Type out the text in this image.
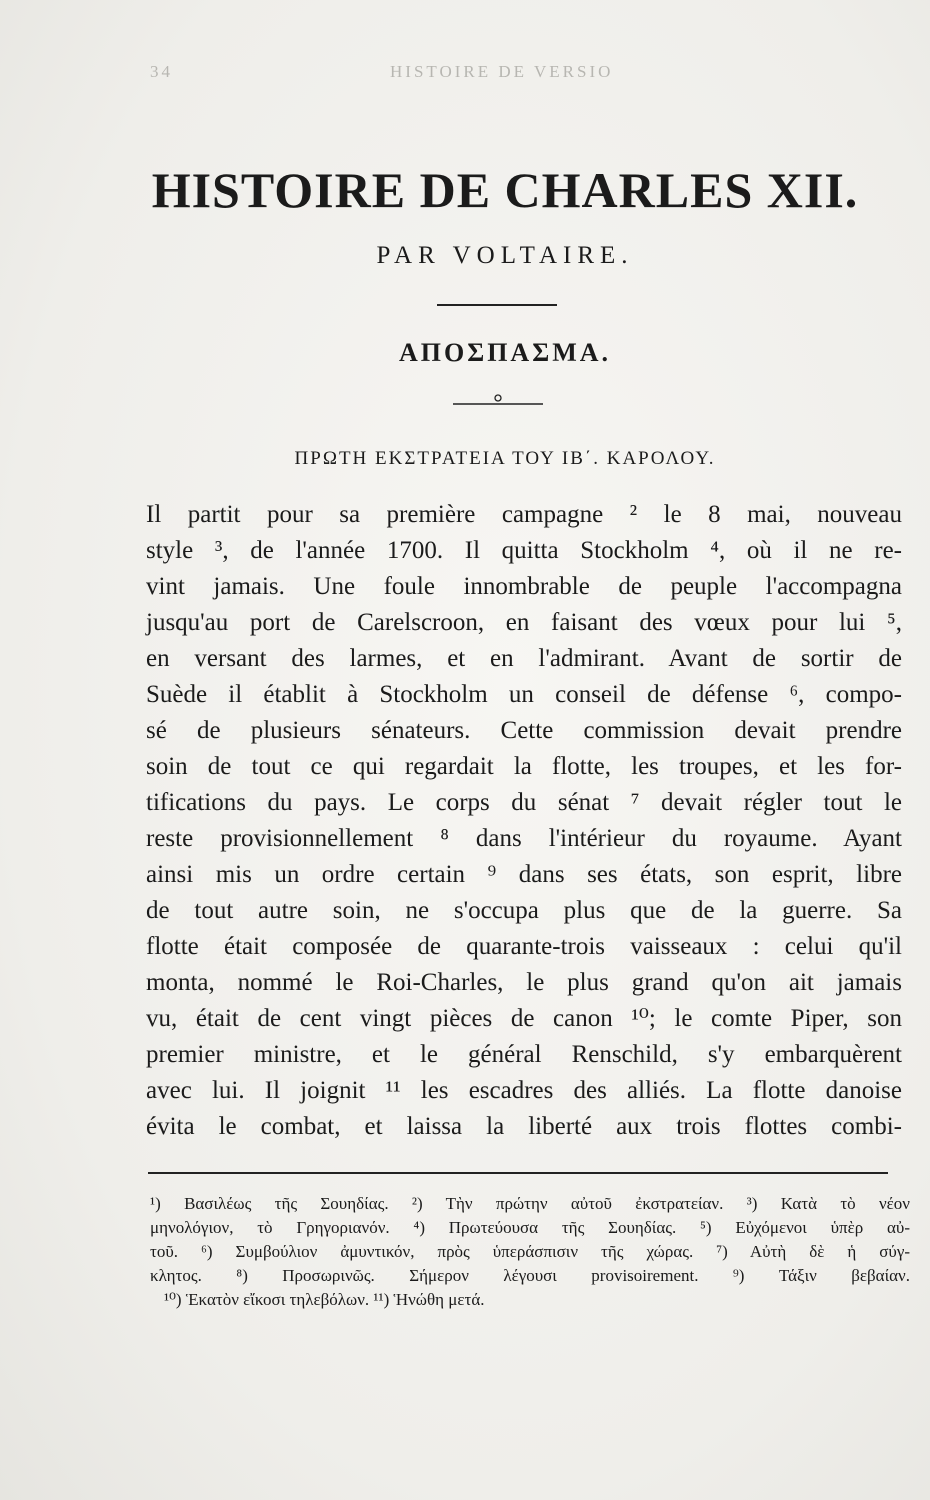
34	HISTOIRE DE VERSIO
HISTOIRE DE CHARLES XII.
PAR VOLTAIRE.
ΑΠΟΣΠΑΣΜΑ.
ΠΡΩΤΗ ΕΚΣΤΡΑΤΕΙΑ ΤΟΥ ΙΒ΄. ΚΑΡΟΛΟΥ.
Il partit pour sa première campagne ² le 8 mai, nouveau
style ³, de l'année 1700. Il quitta Stockholm ⁴, où il ne re-
vint jamais. Une foule innombrable de peuple l'accompagna
jusqu'au port de Carelscroon, en faisant des vœux pour lui ⁵,
en versant des larmes, et en l'admirant. Avant de sortir de
Suède il établit à Stockholm un conseil de défense ⁶, compo-
sé de plusieurs sénateurs. Cette commission devait prendre
soin de tout ce qui regardait la flotte, les troupes, et les for-
tifications du pays. Le corps du sénat ⁷ devait régler tout le
reste provisionnellement ⁸ dans l'intérieur du royaume. Ayant
ainsi mis un ordre certain ⁹ dans ses états, son esprit, libre
de tout autre soin, ne s'occupa plus que de la guerre. Sa
flotte était composée de quarante-trois vaisseaux : celui qu'il
monta, nommé le Roi-Charles, le plus grand qu'on ait jamais
vu, était de cent vingt pièces de canon ¹⁰; le comte Piper, son
premier ministre, et le général Renschild, s'y embarquèrent
avec lui. Il joignit ¹¹ les escadres des alliés. La flotte danoise
évita le combat, et laissa la liberté aux trois flottes combi-
¹) Βασιλέως τῆς Σουηδίας. ²) Τὴν πρώτην αὐτοῦ ἐκστρατείαν. ³) Κατὰ τὸ νέον
μηνολόγιον, τὸ Γρηγοριανόν. ⁴) Πρωτεύουσα τῆς Σουηδίας. ⁵) Εὐχόμενοι ὑπὲρ αὐ-
τοῦ. ⁶) Συμβούλιον ἀμυντικόν, πρὸς ὑπεράσπισιν τῆς χώρας. ⁷) Αὐτὴ δὲ ἡ σύγ-
κλητος. ⁸) Προσωρινῶς. Σήμερον λέγουσι provisoirement. ⁹) Τάξιν βεβαίαν.
¹⁰) Ἑκατὸν εἴκοσι τηλεβόλων. ¹¹) Ἡνώθη μετά.
